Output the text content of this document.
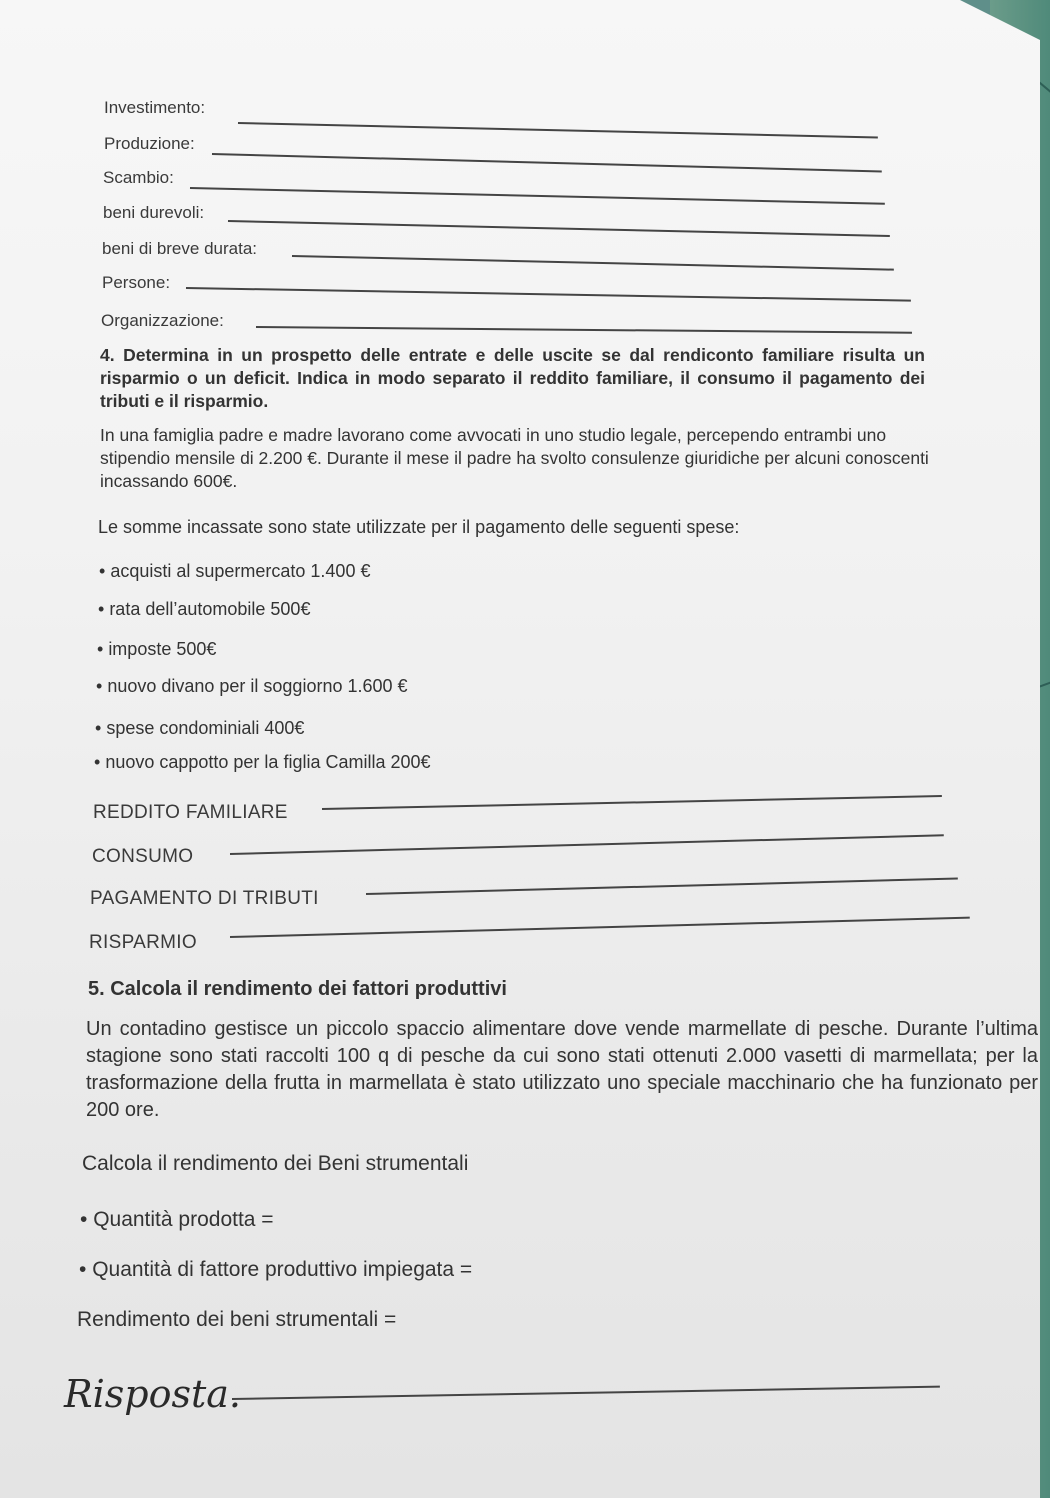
Investimento:
Produzione:
Scambio:
beni durevoli:
beni di breve durata:
Persone:
Organizzazione:
4. Determina in un prospetto delle entrate e delle uscite se dal rendiconto familiare risulta un risparmio o un deficit. Indica in modo separato il reddito familiare, il consumo il pagamento dei tributi e il risparmio.
In una famiglia padre e madre lavorano come avvocati in uno studio legale, percependo entrambi uno stipendio mensile di 2.200 €. Durante il mese il padre ha svolto consulenze giuridiche per alcuni conoscenti incassando 600€.
Le somme incassate sono state utilizzate per il pagamento delle seguenti spese:
• acquisti al supermercato 1.400 €
• rata dell’automobile 500€
• imposte 500€
• nuovo divano per il soggiorno 1.600 €
• spese condominiali 400€
• nuovo cappotto per la figlia Camilla 200€
REDDITO FAMILIARE
CONSUMO
PAGAMENTO DI TRIBUTI
RISPARMIO
5. Calcola il rendimento dei fattori produttivi
Un contadino gestisce un piccolo spaccio alimentare dove vende marmellate di pesche. Durante l’ultima stagione sono stati raccolti 100 q di pesche da cui sono stati ottenuti 2.000 vasetti di marmellata; per la trasformazione della frutta in marmellata è stato utilizzato uno speciale macchinario che ha funzionato per 200 ore.
Calcola il rendimento dei Beni strumentali
• Quantità prodotta =
• Quantità di fattore produttivo impiegata =
Rendimento dei beni strumentali =
Risposta.
